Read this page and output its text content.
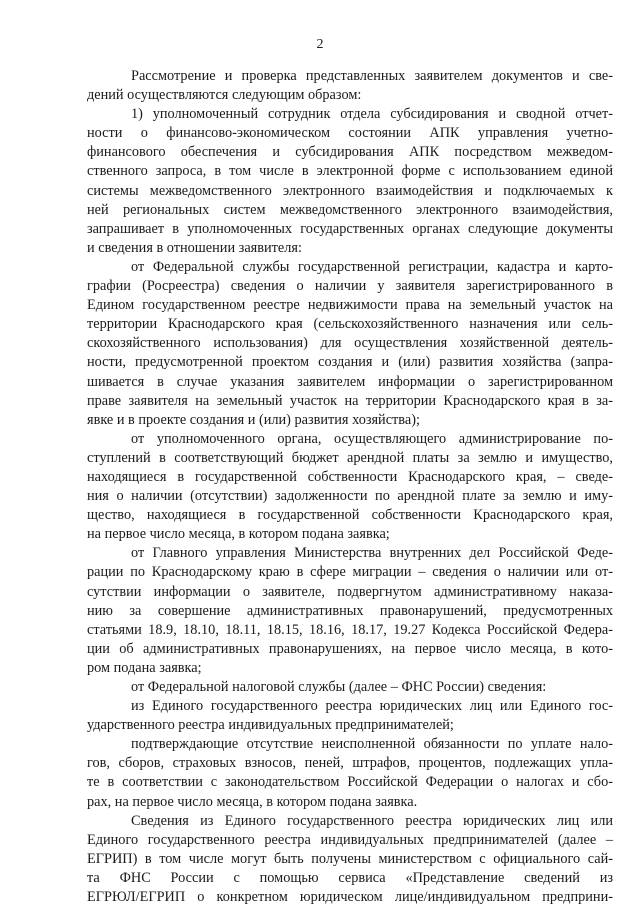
2
Рассмотрение и проверка представленных заявителем документов и све-
дений осуществляются следующим образом:
1) уполномоченный сотрудник отдела субсидирования и сводной отчет-
ности о финансово-экономическом состоянии АПК управления учетно-
финансового обеспечения и субсидирования АПК посредством межведом-
ственного запроса, в том числе в электронной форме с использованием единой
системы межведомственного электронного взаимодействия и подключаемых к
ней региональных систем межведомственного электронного взаимодействия,
запрашивает в уполномоченных государственных органах следующие документы
и сведения в отношении заявителя:
от Федеральной службы государственной регистрации, кадастра и карто-
графии (Росреестра) сведения о наличии у заявителя зарегистрированного в
Едином государственном реестре недвижимости права на земельный участок на
территории Краснодарского края (сельскохозяйственного назначения или сель-
скохозяйственного использования) для осуществления хозяйственной деятель-
ности, предусмотренной проектом создания и (или) развития хозяйства (запра-
шивается в случае указания заявителем информации о зарегистрированном
праве заявителя на земельный участок на территории Краснодарского края в за-
явке и в проекте создания и (или) развития хозяйства);
от уполномоченного органа, осуществляющего администрирование по-
ступлений в соответствующий бюджет арендной платы за землю и имущество,
находящиеся в государственной собственности Краснодарского края, – сведе-
ния о наличии (отсутствии) задолженности по арендной плате за землю и иму-
щество, находящиеся в государственной собственности Краснодарского края,
на первое число месяца, в котором подана заявка;
от Главного управления Министерства внутренних дел Российской Феде-
рации по Краснодарскому краю в сфере миграции – сведения о наличии или от-
сутствии информации о заявителе, подвергнутом административному наказа-
нию за совершение административных правонарушений, предусмотренных
статьями 18.9, 18.10, 18.11, 18.15, 18.16, 18.17, 19.27 Кодекса Российской Федера-
ции об административных правонарушениях, на первое число месяца, в кото-
ром подана заявка;
от Федеральной налоговой службы (далее – ФНС России) сведения:
из Единого государственного реестра юридических лиц или Единого гос-
ударственного реестра индивидуальных предпринимателей;
подтверждающие отсутствие неисполненной обязанности по уплате нало-
гов, сборов, страховых взносов, пеней, штрафов, процентов, подлежащих упла-
те в соответствии с законодательством Российской Федерации о налогах и сбо-
рах, на первое число месяца, в котором подана заявка.
Сведения из Единого государственного реестра юридических лиц или
Единого государственного реестра индивидуальных предпринимателей (далее –
ЕГРИП) в том числе могут быть получены министерством с официального сай-
та ФНС России с помощью сервиса «Представление сведений из
ЕГРЮЛ/ЕГРИП о конкретном юридическом лице/индивидуальном предприни-
